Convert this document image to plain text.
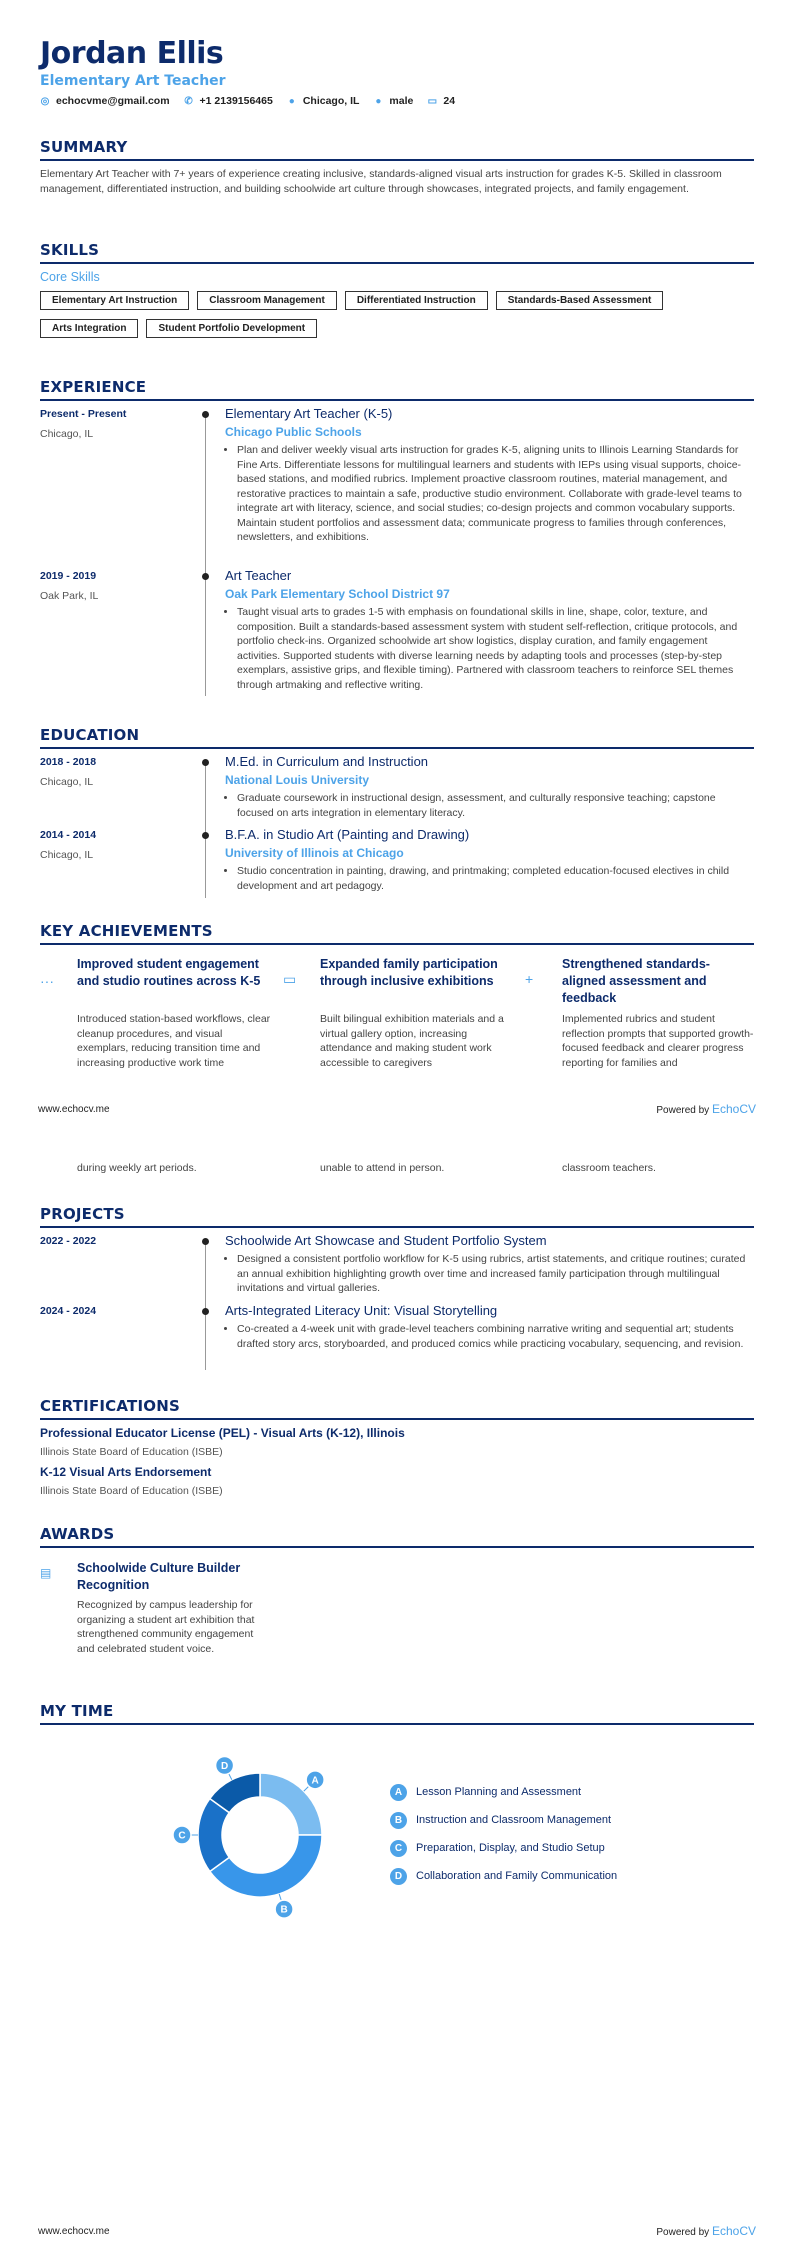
Jordan Ellis
Elementary Art Teacher
◎ echocvme@gmail.com ✆ +1 2139156465 ● Chicago, IL ● male ▭ 24
SUMMARY
Elementary Art Teacher with 7+ years of experience creating inclusive, standards-aligned visual arts instruction for grades K-5. Skilled in classroom management, differentiated instruction, and building schoolwide art culture through showcases, integrated projects, and family engagement.
SKILLS
Core Skills
Elementary Art Instruction	Classroom Management	Differentiated Instruction	Standards-Based Assessment
Arts Integration	Student Portfolio Development
EXPERIENCE
Present - Present
Chicago, IL
Elementary Art Teacher (K-5)
Chicago Public Schools
• Plan and deliver weekly visual arts instruction for grades K-5, aligning units to Illinois Learning Standards for Fine Arts. Differentiate lessons for multilingual learners and students with IEPs using visual supports, choice-based stations, and modified rubrics. Implement proactive classroom routines, material management, and restorative practices to maintain a safe, productive studio environment. Collaborate with grade-level teams to integrate art with literacy, science, and social studies; co-design projects and common vocabulary supports. Maintain student portfolios and assessment data; communicate progress to families through conferences, newsletters, and exhibitions.
2019 - 2019
Oak Park, IL
Art Teacher
Oak Park Elementary School District 97
• Taught visual arts to grades 1-5 with emphasis on foundational skills in line, shape, color, texture, and composition. Built a standards-based assessment system with student self-reflection, critique protocols, and portfolio check-ins. Organized schoolwide art show logistics, display curation, and family engagement activities. Supported students with diverse learning needs by adapting tools and processes (step-by-step exemplars, assistive grips, and flexible timing). Partnered with classroom teachers to reinforce SEL themes through artmaking and reflective writing.
EDUCATION
2018 - 2018
Chicago, IL
M.Ed. in Curriculum and Instruction
National Louis University
• Graduate coursework in instructional design, assessment, and culturally responsive teaching; capstone focused on arts integration in elementary literacy.
2014 - 2014
Chicago, IL
B.F.A. in Studio Art (Painting and Drawing)
University of Illinois at Chicago
• Studio concentration in painting, drawing, and printmaking; completed education-focused electives in child development and art pedagogy.
KEY ACHIEVEMENTS
···
Improved student engagement and studio routines across K-5
Introduced station-based workflows, clear cleanup procedures, and visual exemplars, reducing transition time and increasing productive work time
▭
Expanded family participation through inclusive exhibitions
Built bilingual exhibition materials and a virtual gallery option, increasing attendance and making student work accessible to caregivers
+
Strengthened standards-aligned assessment and feedback
Implemented rubrics and student reflection prompts that supported growth-focused feedback and clearer progress reporting for families and
www.echocv.me	Powered by EchoCV
during weekly art periods.	unable to attend in person.	classroom teachers.
PROJECTS
2022 - 2022	Schoolwide Art Showcase and Student Portfolio System
• Designed a consistent portfolio workflow for K-5 using rubrics, artist statements, and critique routines; curated an annual exhibition highlighting growth over time and increased family participation through multilingual invitations and virtual galleries.
2024 - 2024	Arts-Integrated Literacy Unit: Visual Storytelling
• Co-created a 4-week unit with grade-level teachers combining narrative writing and sequential art; students drafted story arcs, storyboarded, and produced comics while practicing vocabulary, sequencing, and revision.
CERTIFICATIONS
Professional Educator License (PEL) - Visual Arts (K-12), Illinois
Illinois State Board of Education (ISBE)
K-12 Visual Arts Endorsement
Illinois State Board of Education (ISBE)
AWARDS
▤ Schoolwide Culture Builder Recognition
Recognized by campus leadership for organizing a student art exhibition that strengthened community engagement and celebrated student voice.
MY TIME
A
B
C
D
A	Lesson Planning and Assessment
B	Instruction and Classroom Management
C	Preparation, Display, and Studio Setup
D	Collaboration and Family Communication
www.echocv.me	Powered by EchoCV
